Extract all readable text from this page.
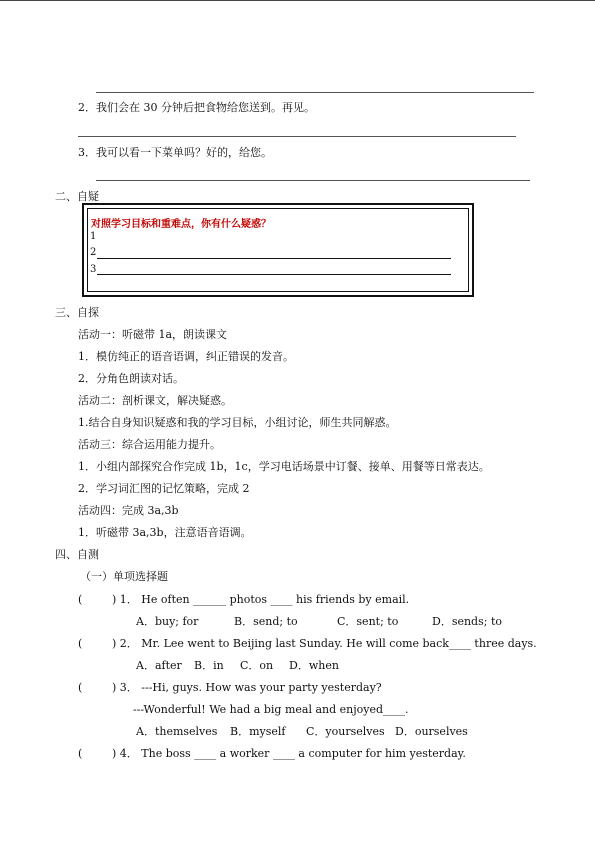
2．我们会在 30 分钟后把食物给您送到。再见。
3．我可以看一下菜单吗？好的，给您。
二、自疑
对照学习目标和重难点，你有什么疑惑？
1
2
3
三、自探
活动一：听磁带 1a，朗读课文
1．模仿纯正的语音语调，纠正错误的发音。
2．分角色朗读对话。
活动二：剖析课文，解决疑惑。
1.结合自身知识疑惑和我的学习目标，小组讨论，师生共同解惑。
活动三：综合运用能力提升。
1．小组内部探究合作完成 1b，1c，学习电话场景中订餐、接单、用餐等日常表达。
2．学习词汇图的记忆策略，完成 2
活动四：完成 3a,3b
1．听磁带 3a,3b，注意语音语调。
四、自测
（一）单项选择题
(	) 1． He often ______ photos ____ his friends by email.
A．buy; for	B．send; to	C．sent; to	D．sends; to
(	) 2． Mr. Lee went to Beijing last Sunday. He will come back____ three days.
A．after B．in C．on D．when
(	) 3． ---Hi, guys. How was your party yesterday?
---Wonderful! We had a big meal and enjoyed____.
A．themselves B．myself C．yourselves D．ourselves
(	) 4． The boss ____ a worker ____ a computer for him yesterday.
